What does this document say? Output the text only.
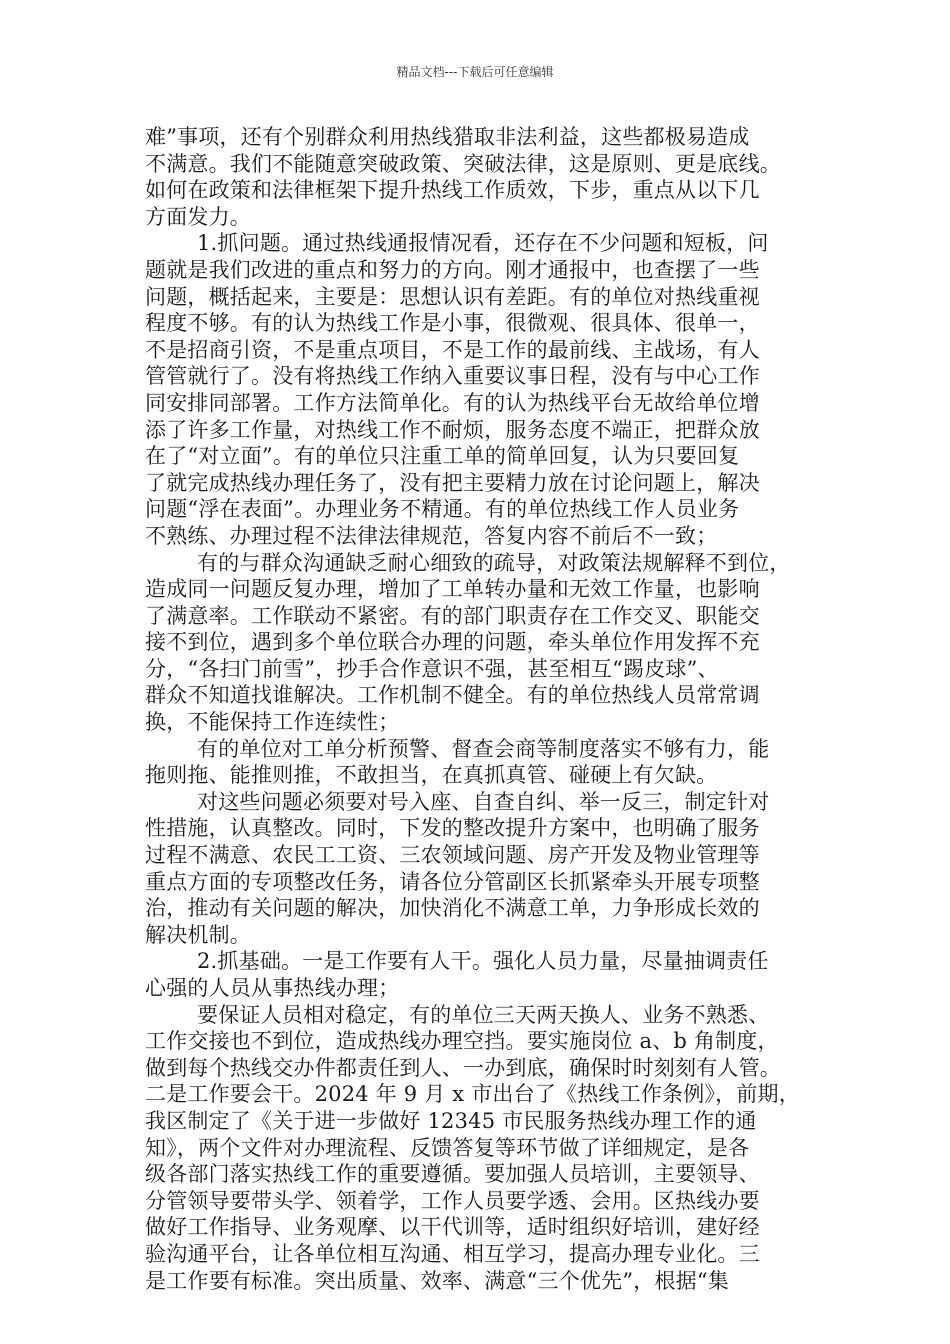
精品文档---下载后可任意编辑
难”事项，还有个别群众利用热线猎取非法利益，这些都极易造成
不满意。我们不能随意突破政策、突破法律，这是原则、更是底线。
如何在政策和法律框架下提升热线工作质效，下步，重点从以下几
方面发力。
1.抓问题。通过热线通报情况看，还存在不少问题和短板，问
题就是我们改进的重点和努力的方向。刚才通报中，也查摆了一些
问题，概括起来，主要是：思想认识有差距。有的单位对热线重视
程度不够。有的认为热线工作是小事，很微观、很具体、很单一，
不是招商引资，不是重点项目，不是工作的最前线、主战场，有人
管管就行了。没有将热线工作纳入重要议事日程，没有与中心工作
同安排同部署。工作方法简单化。有的认为热线平台无故给单位增
添了许多工作量，对热线工作不耐烦，服务态度不端正，把群众放
在了“对立面”。有的单位只注重工单的简单回复，认为只要回复
了就完成热线办理任务了，没有把主要精力放在讨论问题上，解决
问题“浮在表面”。办理业务不精通。有的单位热线工作人员业务
不熟练、办理过程不法律法律规范，答复内容不前后不一致；
有的与群众沟通缺乏耐心细致的疏导，对政策法规解释不到位，
造成同一问题反复办理，增加了工单转办量和无效工作量，也影响
了满意率。工作联动不紧密。有的部门职责存在工作交叉、职能交
接不到位，遇到多个单位联合办理的问题，牵头单位作用发挥不充
分，“各扫门前雪”，抄手合作意识不强，甚至相互“踢皮球”、
群众不知道找谁解决。工作机制不健全。有的单位热线人员常常调
换，不能保持工作连续性；
有的单位对工单分析预警、督查会商等制度落实不够有力，能
拖则拖、能推则推，不敢担当，在真抓真管、碰硬上有欠缺。
对这些问题必须要对号入座、自查自纠、举一反三，制定针对
性措施，认真整改。同时，下发的整改提升方案中，也明确了服务
过程不满意、农民工工资、三农领域问题、房产开发及物业管理等
重点方面的专项整改任务，请各位分管副区长抓紧牵头开展专项整
治，推动有关问题的解决，加快消化不满意工单，力争形成长效的
解决机制。
2.抓基础。一是工作要有人干。强化人员力量，尽量抽调责任
心强的人员从事热线办理；
要保证人员相对稳定，有的单位三天两天换人、业务不熟悉、
工作交接也不到位，造成热线办理空挡。要实施岗位 a、b 角制度，
做到每个热线交办件都责任到人、一办到底，确保时时刻刻有人管。
二是工作要会干。2024 年 9 月 x 市出台了《热线工作条例》，前期，
我区制定了《关于进一步做好 12345 市民服务热线办理工作的通
知》，两个文件对办理流程、反馈答复等环节做了详细规定，是各
级各部门落实热线工作的重要遵循。要加强人员培训，主要领导、
分管领导要带头学、领着学，工作人员要学透、会用。区热线办要
做好工作指导、业务观摩、以干代训等，适时组织好培训，建好经
验沟通平台，让各单位相互沟通、相互学习，提高办理专业化。三
是工作要有标准。突出质量、效率、满意“三个优先”，根据“集
